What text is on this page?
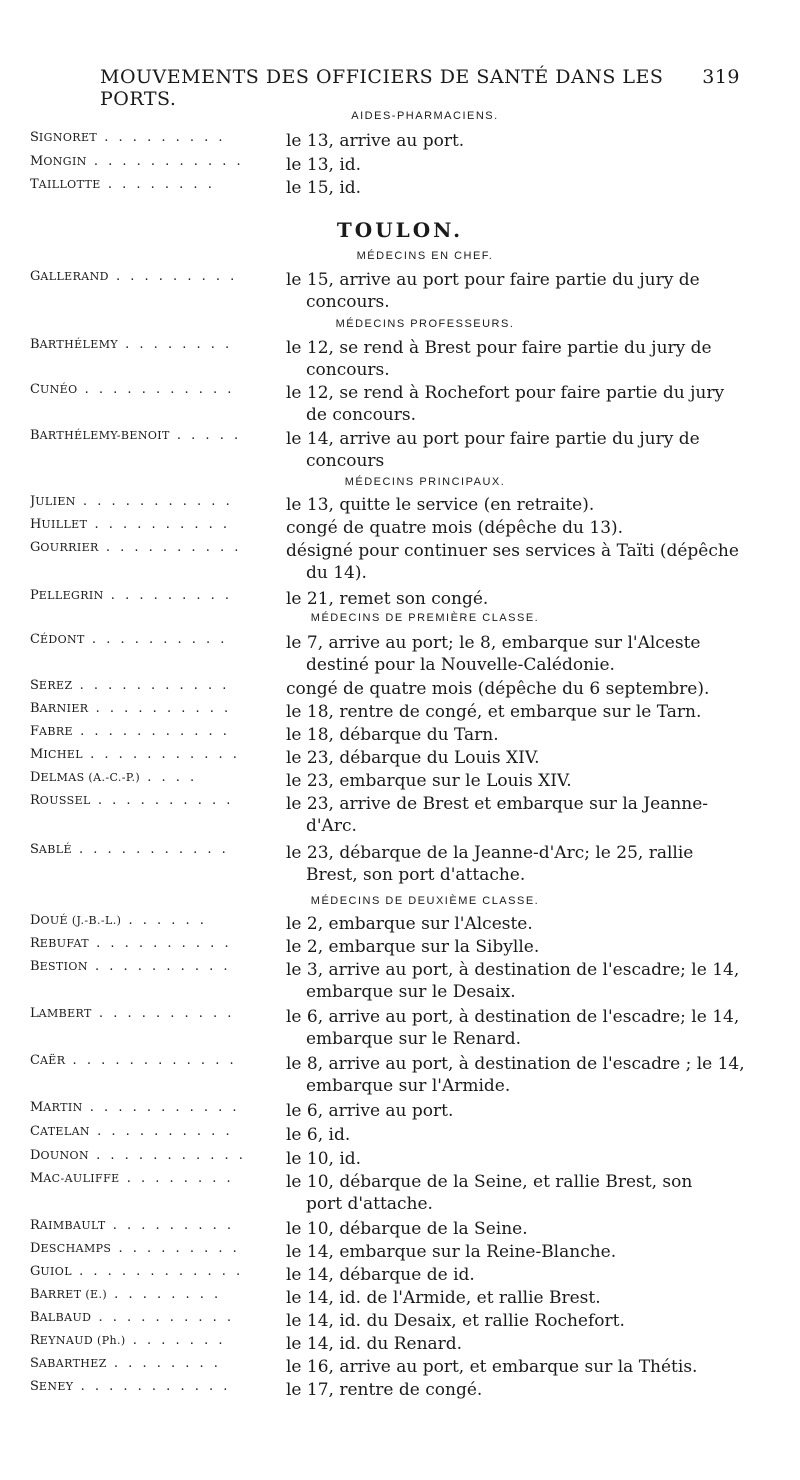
MOUVEMENTS DES OFFICIERS DE SANTÉ DANS LES PORTS.
319
TOULON.
AIDES-PHARMACIENS.
MÉDECINS EN CHEF.
MÉDECINS PROFESSEURS.
MÉDECINS PRINCIPAUX.
MÉDECINS DE PREMIÈRE CLASSE.
MÉDECINS DE DEUXIÈME CLASSE.
SIGNORET . . . . . . . . .	le 13, arrive au port.
MONGIN . . . . . . . . . . .	le 13, id.
TAILLOTTE . . . . . . . .	le 15, id.
GALLERAND . . . . . . . . .	le 15, arrive au port pour faire partie du jury de
concours.
BARTHÉLEMY . . . . . . . .	le 12, se rend à Brest pour faire partie du jury de
concours.
CUNÉO . . . . . . . . . . .	le 12, se rend à Rochefort pour faire partie du jury
de concours.
BARTHÉLEMY-BENOIT . . . . .	le 14, arrive au port pour faire partie du jury de
concours
JULIEN . . . . . . . . . . .	le 13, quitte le service (en retraite).
HUILLET . . . . . . . . . .	congé de quatre mois (dépêche du 13).
GOURRIER . . . . . . . . . .	désigné pour continuer ses services à Taïti (dépêche
du 14).
PELLEGRIN . . . . . . . . .	le 21, remet son congé.
CÉDONT . . . . . . . . . .	le 7, arrive au port; le 8, embarque sur l'Alceste
destiné pour la Nouvelle-Calédonie.
SEREZ . . . . . . . . . . .	congé de quatre mois (dépêche du 6 septembre).
BARNIER . . . . . . . . . .	le 18, rentre de congé, et embarque sur le Tarn.
FABRE . . . . . . . . . . .	le 18, débarque du Tarn.
MICHEL . . . . . . . . . . .	le 23, débarque du Louis XIV.
DELMAS (A.-C.-P.) . . . .	le 23, embarque sur le Louis XIV.
ROUSSEL . . . . . . . . . .	le 23, arrive de Brest et embarque sur la Jeanne-
d'Arc.
SABLÉ . . . . . . . . . . .	le 23, débarque de la Jeanne-d'Arc; le 25, rallie
Brest, son port d'attache.
DOUÉ (J.-B.-L.) . . . . . .	le 2, embarque sur l'Alceste.
REBUFAT . . . . . . . . . .	le 2, embarque sur la Sibylle.
BESTION . . . . . . . . . .	le 3, arrive au port, à destination de l'escadre; le 14,
embarque sur le Desaix.
LAMBERT . . . . . . . . . .	le 6, arrive au port, à destination de l'escadre; le 14,
embarque sur le Renard.
CAËR . . . . . . . . . . . .	le 8, arrive au port, à destination de l'escadre ; le 14,
embarque sur l'Armide.
MARTIN . . . . . . . . . . .	le 6, arrive au port.
CATELAN . . . . . . . . . .	le 6, id.
DOUNON . . . . . . . . . . .	le 10, id.
MAC-AULIFFE . . . . . . . .	le 10, débarque de la Seine, et rallie Brest, son
port d'attache.
RAIMBAULT . . . . . . . . .	le 10, débarque de la Seine.
DESCHAMPS . . . . . . . . .	le 14, embarque sur la Reine-Blanche.
GUIOL . . . . . . . . . . . .	le 14, débarque de id.
BARRET (E.) . . . . . . . .	le 14, id. de l'Armide, et rallie Brest.
BALBAUD . . . . . . . . . .	le 14, id. du Desaix, et rallie Rochefort.
REYNAUD (Ph.) . . . . . . .	le 14, id. du Renard.
SABARTHEZ . . . . . . . .	le 16, arrive au port, et embarque sur la Thétis.
SENEY . . . . . . . . . . .	le 17, rentre de congé.
